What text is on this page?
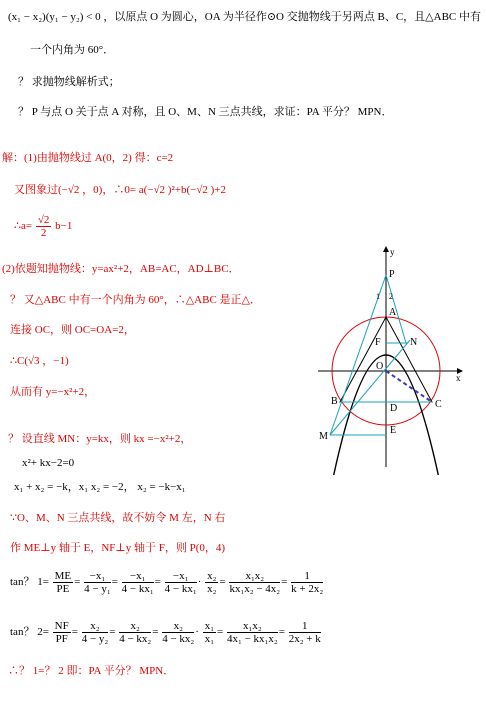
(x₁ − x₂)(y₁ − y₂) < 0 ，以原点 O 为圆心，OA 为半径作⊙O 交抛物线于另两点 B、C，且△ABC 中有
一个内角为 60°．
？ 求抛物线解析式；
？ P 与点 O 关于点 A 对称，且 O、M、N 三点共线，求证：PA 平分？ MPN．
解：(1)由抛物线过 A(0，2) 得：c=2
又图象过(−√2 ，0)，∴0= a(−√2 )²+b(−√2 )+2
∴a= $\frac{√2}{2} b-1$
(2)依题知抛物线：y=ax²+2，AB=AC，AD⊥BC．
？ 又△ABC 中有一个内角为 60°，∴△ABC 是正△．
连接 OC，则 OC=OA=2，
∴C(√3 ，−1)
从而有 y=−x²+2，
？ 设直线 MN：y=kx，则 kx =−x²+2，
x²+ kx−2=0
x₁ + x₂ = −k，x₁ x₂ = −2， x₂ = −k−x₁
∵O、M、N 三点共线，故不妨令 M 左，N 右
作 ME⊥y 轴于 E，NF⊥y 轴于 F，则 P(0，4)
tan？ $1= \frac{ME}{PE} = \frac{\text{−x₁}}{\text{4 − y₁}} = \frac{\text{−x₁}}{\text{4 − kx₁}} = \frac{\text{−x₁}}{\text{4 − kx₁}} \cdot \frac{\text{x₂}}{\text{x₂}} = \frac{\text{x₁x₂}}{\text{kx₁x₂ − 4x₂}} = \frac{1}{\text{k + 2x₂}}$
tan？ $2= \frac{NF}{PF} = \frac{\text{x₂}}{\text{4 − y₂}} = \frac{\text{x₂}}{\text{4 − kx₂}} = \frac{\text{x₂}}{\text{4 − kx₂}} \cdot \frac{\text{x₁}}{\text{x₁}} = \frac{\text{x₁x₂}}{\text{4x₁ − kx₁x₂}} = \frac{1}{\text{2x₂ + k}}$
∴？ 1=？ 2 即：PA 平分？ MPN．
y
x
P
1 2
A
F	N
O
B	C
D
E
M
